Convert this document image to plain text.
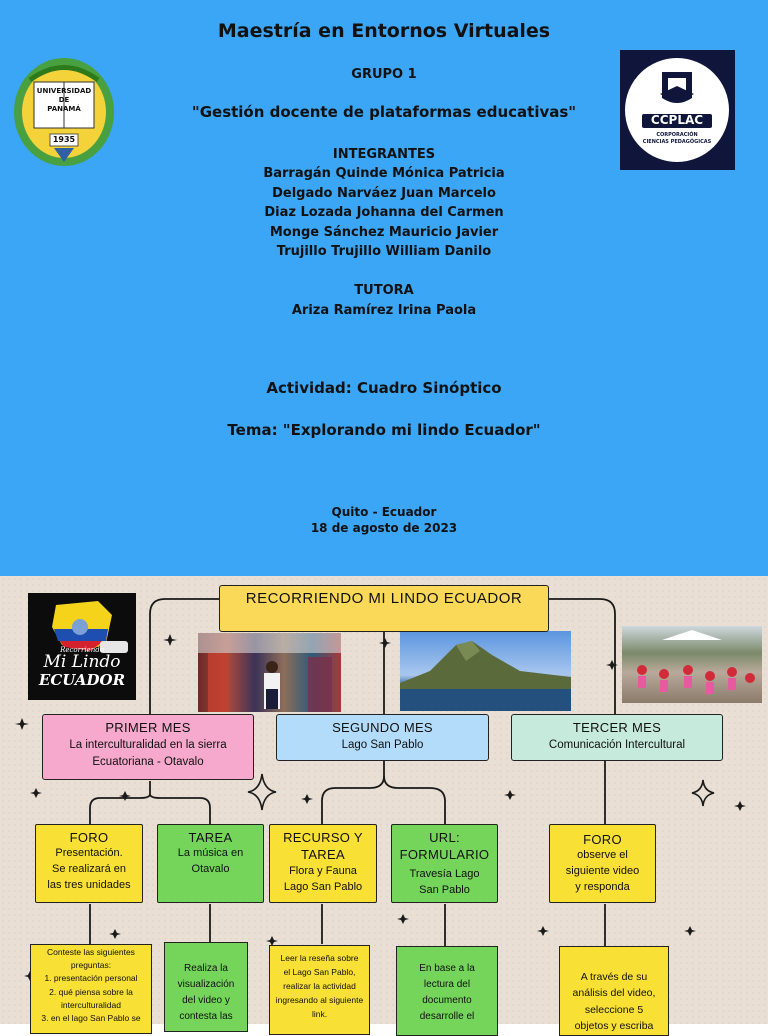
UNIVERSIDAD
DE
PANAMÁ
1935
CCPLAC
CORPORACIÓN
CIENCIAS PEDAGÓGICAS
Maestría en Entornos Virtuales
GRUPO 1
"Gestión docente de plataformas educativas"
INTEGRANTES
Barragán Quinde Mónica Patricia
Delgado Narváez Juan Marcelo
Diaz Lozada Johanna del Carmen
Monge Sánchez Mauricio Javier
Trujillo Trujillo William Danilo
TUTORA
Ariza Ramírez Irina Paola
Actividad: Cuadro Sinóptico
Tema: "Explorando mi lindo Ecuador"
Quito - Ecuador
18 de agosto de 2023
Recorriendo
Mi Lindo
ECUADOR
RECORRIENDO MI LINDO ECUADOR
PRIMER MES
La interculturalidad en la sierra
Ecuatoriana - Otavalo
SEGUNDO MES
Lago San Pablo
TERCER MES
Comunicación Intercultural
FORO
Presentación.
Se realizará en
las tres unidades
TAREA
La música en
Otavalo
RECURSO Y
TAREA
Flora y Fauna
Lago San Pablo
URL:
FORMULARIO
Travesía Lago
San Pablo
FORO
observe el
siguiente video
y responda
Conteste las siguientes
preguntas:
1. presentación personal
2. qué piensa sobre la
interculturalidad
3. en el lago San Pablo se
Realiza la
visualización
del video y
contesta las
Leer la reseña sobre
el Lago San Pablo,
realizar la actividad
ingresando al siguiente
link.
En base a la
lectura del
documento
desarrolle el
A través de su
análisis del video,
seleccione 5
objetos y escriba
